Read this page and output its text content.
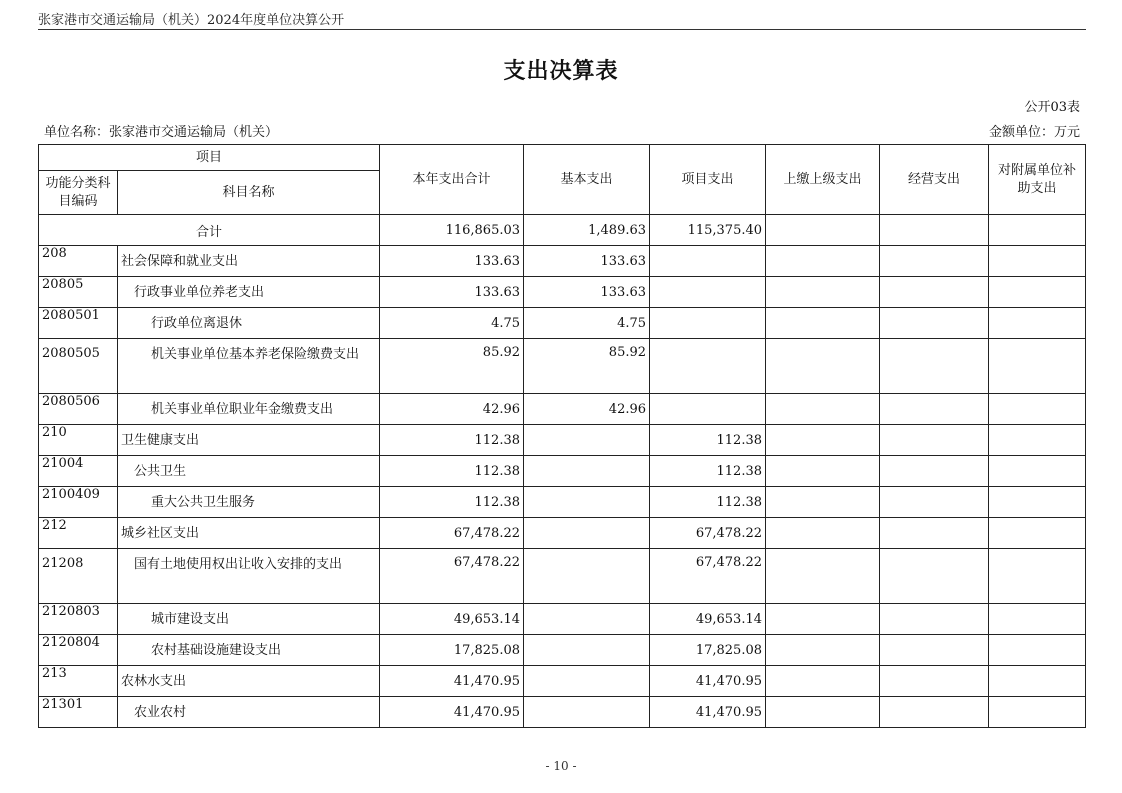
张家港市交通运输局（机关）2024年度单位决算公开
支出决算表
公开03表
单位名称：张家港市交通运输局（机关）	金额单位：万元
项目		本年支出合计	基本支出	项目支出	上缴上级支出	经营支出	对附属单位补助支出
功能分类科目编码	科目名称						
合计		116,865.03	1,489.63	115,375.40			
208	社会保障和就业支出	133.63	133.63				
20805	行政事业单位养老支出	133.63	133.63				
2080501	行政单位离退休	4.75	4.75				
2080505	机关事业单位基本养老保险缴费支出	85.92	85.92				
2080506	机关事业单位职业年金缴费支出	42.96	42.96				
210	卫生健康支出	112.38		112.38			
21004	公共卫生	112.38		112.38			
2100409	重大公共卫生服务	112.38		112.38			
212	城乡社区支出	67,478.22		67,478.22			
21208	国有土地使用权出让收入安排的支出	67,478.22		67,478.22			
2120803	城市建设支出	49,653.14		49,653.14			
2120804	农村基础设施建设支出	17,825.08		17,825.08			
213	农林水支出	41,470.95		41,470.95			
21301	农业农村	41,470.95		41,470.95			
- 10 -
